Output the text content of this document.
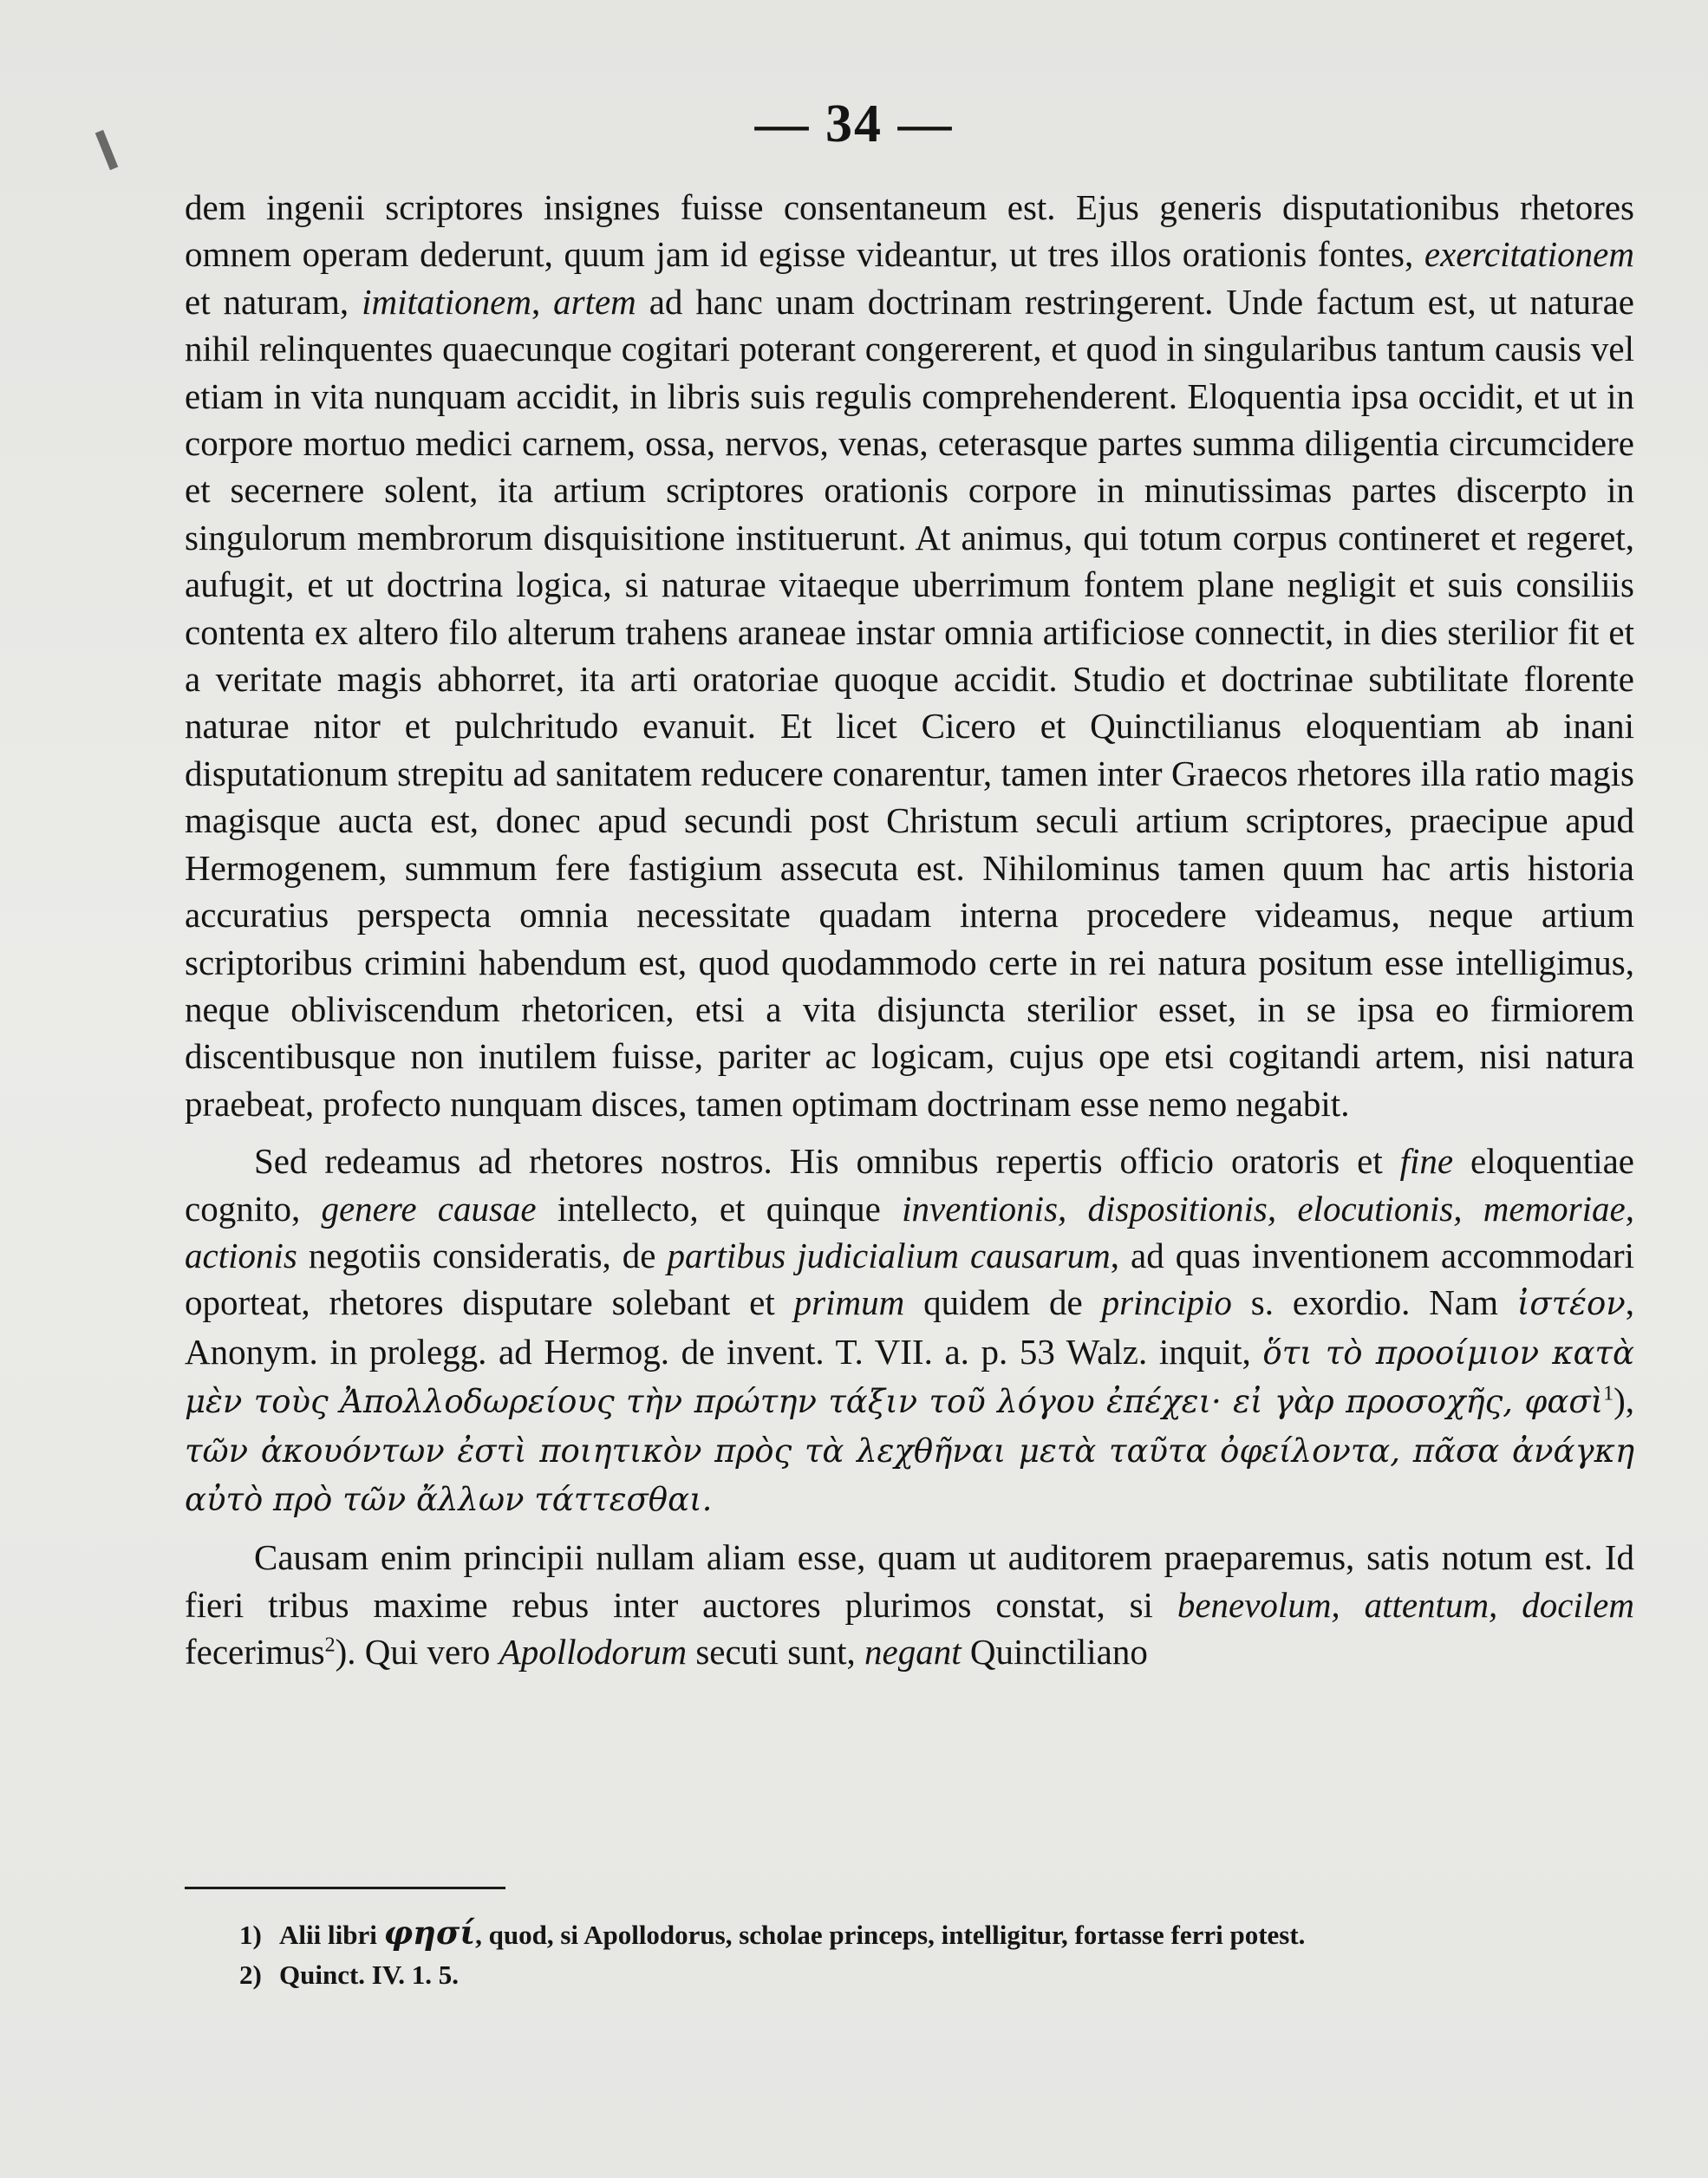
— 34 —

dem ingenii scriptores insignes fuisse consentaneum est. Ejus generis disputationibus rhetores omnem operam dederunt, quum jam id egisse videantur, ut tres illos orationis fontes, exercitationem et naturam, imitationem, artem ad hanc unam doctrinam restringerent. Unde factum est, ut naturae nihil relinquentes quaecunque cogitari poterant congererent, et quod in singularibus tantum causis vel etiam in vita nunquam accidit, in libris suis regulis comprehenderent. Eloquentia ipsa occidit, et ut in corpore mortuo medici carnem, ossa, nervos, venas, ceterasque partes summa diligentia circumcidere et secernere solent, ita artium scriptores orationis corpore in minutissimas partes discerpto in singulorum membrorum disquisitione instituerunt. At animus, qui totum corpus contineret et regeret, aufugit, et ut doctrina logica, si naturae vitaeque uberrimum fontem plane negligit et suis consiliis contenta ex altero filo alterum trahens araneae instar omnia artificiose connectit, in dies sterilior fit et a veritate magis abhorret, ita arti oratoriae quoque accidit. Studio et doctrinae subtilitate florente naturae nitor et pulchritudo evanuit. Et licet Cicero et Quinctilianus eloquentiam ab inani disputationum strepitu ad sanitatem reducere conarentur, tamen inter Graecos rhetores illa ratio magis magisque aucta est, donec apud secundi post Christum seculi artium scriptores, praecipue apud Hermogenem, summum fere fastigium assecuta est. Nihilominus tamen quum hac artis historia accuratius perspecta omnia necessitate quadam interna procedere videamus, neque artium scriptoribus crimini habendum est, quod quodammodo certe in rei natura positum esse intelligimus, neque obliviscendum rhetoricen, etsi a vita disjuncta sterilior esset, in se ipsa eo firmiorem discentibusque non inutilem fuisse, pariter ac logicam, cujus ope etsi cogitandi artem, nisi natura praebeat, profecto nunquam disces, tamen optimam doctrinam esse nemo negabit.

Sed redeamus ad rhetores nostros. His omnibus repertis officio oratoris et fine eloquentiae cognito, genere causae intellecto, et quinque inventionis, dispositionis, elocutionis, memoriae, actionis negotiis consideratis, de partibus judicialium causarum, ad quas inventionem accommodari oporteat, rhetores disputare solebant et primum quidem de principio s. exordio. Nam ἰστέον, Anonym. in prolegg. ad Hermog. de invent. T. VII. a. p. 53 Walz. inquit, ὅτι τὸ προοίμιον κατὰ μὲν τοὺς Ἀπολλοδωρείους τὴν πρώτην τάξιν τοῦ λόγου ἐπέχει· εἰ γὰρ προσοχῆς, φασὶ$^1$), τῶν ἀκουόντων ἐστὶ ποιητικὸν πρὸς τὰ λεχθῆναι μετὰ ταῦτα ὀφείλοντα, πᾶσα ἀνάγκη αὐτὸ πρὸ τῶν ἄλλων τάττεσθαι.

Causam enim principii nullam aliam esse, quam ut auditorem praeparemus, satis notum est. Id fieri tribus maxime rebus inter auctores plurimos constat, si benevolum, attentum, docilem fecerimus$^2$). Qui vero Apollodorum secuti sunt, negant Quinctiliano

1) Alii libri φησί, quod, si Apollodorus, scholae princeps, intelligitur, fortasse ferri potest.

2) Quinct. IV. 1. 5.
